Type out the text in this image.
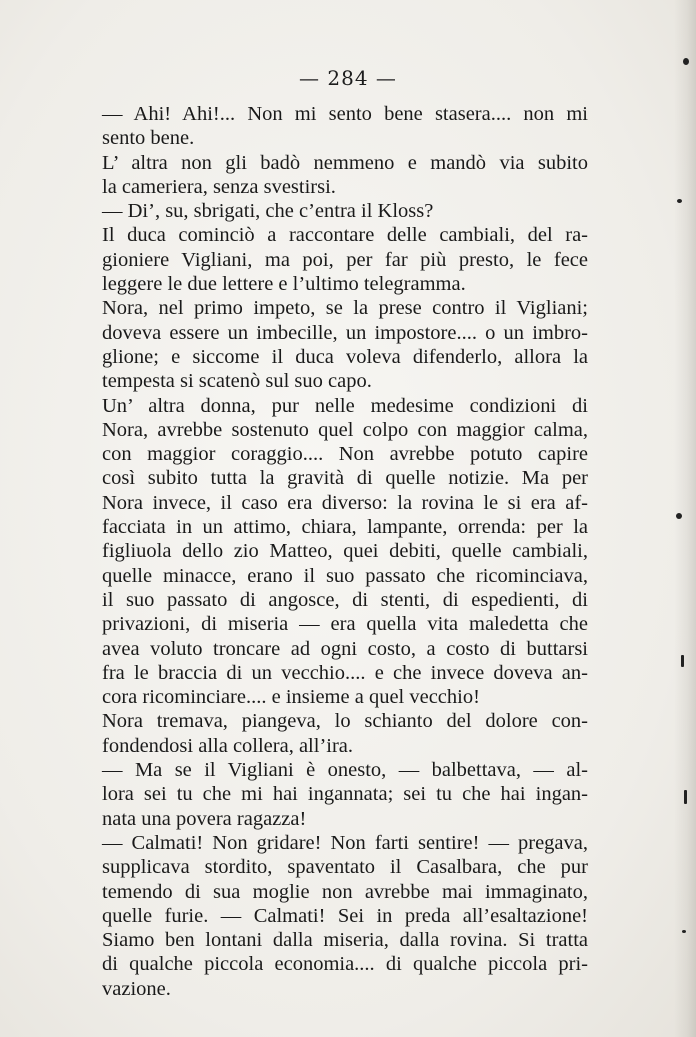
— 284 —
— Ahi! Ahi!... Non mi sento bene stasera.... non mi
sento bene.
L’ altra non gli badò nemmeno e mandò via subito
la cameriera, senza svestirsi.
— Di’, su, sbrigati, che c’entra il Kloss?
Il duca cominciò a raccontare delle cambiali, del ra-
gioniere Vigliani, ma poi, per far più presto, le fece
leggere le due lettere e l’ultimo telegramma.
Nora, nel primo impeto, se la prese contro il Vigliani;
doveva essere un imbecille, un impostore.... o un imbro-
glione; e siccome il duca voleva difenderlo, allora la
tempesta si scatenò sul suo capo.
Un’ altra donna, pur nelle medesime condizioni di
Nora, avrebbe sostenuto quel colpo con maggior calma,
con maggior coraggio.... Non avrebbe potuto capire
così subito tutta la gravità di quelle notizie. Ma per
Nora invece, il caso era diverso: la rovina le si era af-
facciata in un attimo, chiara, lampante, orrenda: per la
figliuola dello zio Matteo, quei debiti, quelle cambiali,
quelle minacce, erano il suo passato che ricominciava,
il suo passato di angosce, di stenti, di espedienti, di
privazioni, di miseria — era quella vita maledetta che
avea voluto troncare ad ogni costo, a costo di buttarsi
fra le braccia di un vecchio.... e che invece doveva an-
cora ricominciare.... e insieme a quel vecchio!
Nora tremava, piangeva, lo schianto del dolore con-
fondendosi alla collera, all’ira.
— Ma se il Vigliani è onesto, — balbettava, — al-
lora sei tu che mi hai ingannata; sei tu che hai ingan-
nata una povera ragazza!
— Calmati! Non gridare! Non farti sentire! — pregava,
supplicava stordito, spaventato il Casalbara, che pur
temendo di sua moglie non avrebbe mai immaginato,
quelle furie. — Calmati! Sei in preda all’esaltazione!
Siamo ben lontani dalla miseria, dalla rovina. Si tratta
di qualche piccola economia.... di qualche piccola pri-
vazione.
